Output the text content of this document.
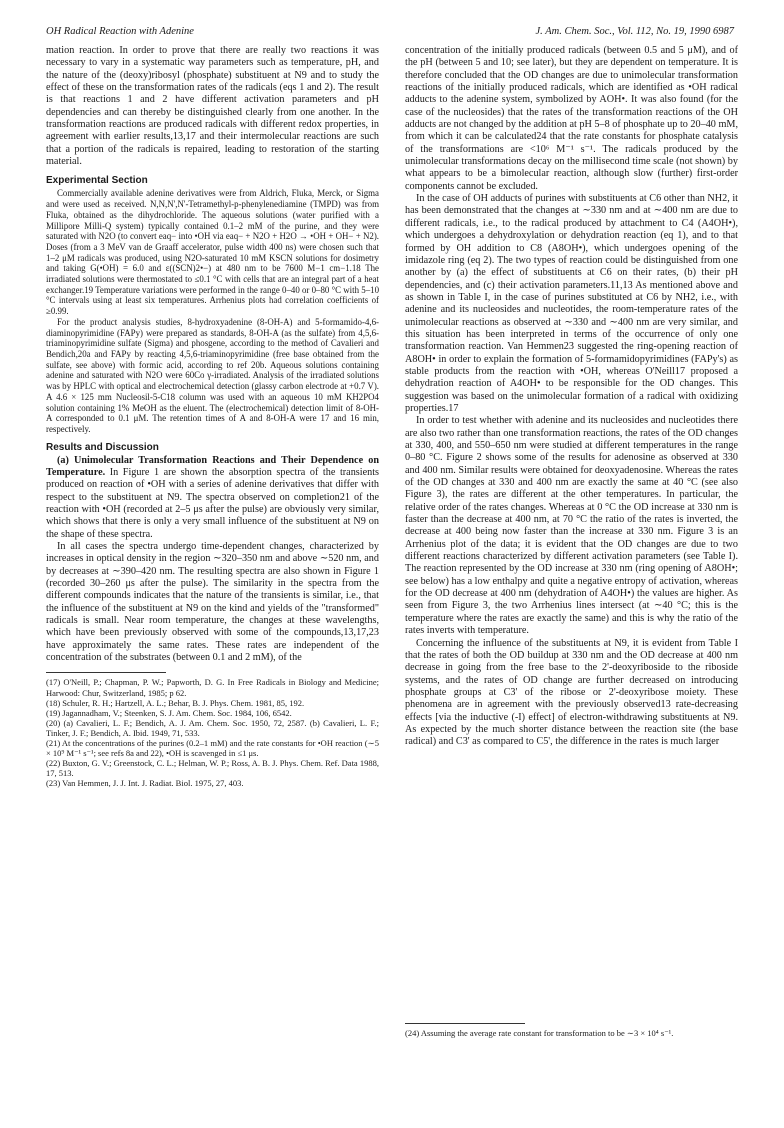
OH Radical Reaction with Adenine	J. Am. Chem. Soc., Vol. 112, No. 19, 1990 6987

mation reaction. In order to prove that there are really two reactions it was necessary to vary in a systematic way parameters such as temperature, pH, and the nature of the (deoxy)ribosyl (phosphate) substituent at N9 and to study the effect of these on the transformation rates of the radicals (eqs 1 and 2). The result is that reactions 1 and 2 have different activation parameters and pH dependencies and can thereby be distinguished clearly from one another. In the transformation reactions are produced radicals with different redox properties, in agreement with earlier results,13,17 and their intermolecular reactions are such that a portion of the radicals is repaired, leading to restoration of the starting material.

Experimental Section

Commercially available adenine derivatives were from Aldrich, Fluka, Merck, or Sigma and were used as received. N,N,N',N'-Tetramethyl-p-phenylenediamine (TMPD) was from Fluka, obtained as the dihydrochloride. The aqueous solutions (water purified with a Millipore Milli-Q system) typically contained 0.1–2 mM of the purine, and they were saturated with N2O (to convert eaq− into •OH via eaq− + N2O + H2O → •OH + OH− + N2). Doses (from a 3 MeV van de Graaff accelerator, pulse width 400 ns) were chosen such that 1–2 μM radicals was produced, using N2O-saturated 10 mM KSCN solutions for dosimetry and taking G(•OH) = 6.0 and ε((SCN)2•−) at 480 nm to be 7600 M−1 cm−1.18 The irradiated solutions were thermostated to ≤0.1 °C with cells that are an integral part of a heat exchanger.19 Temperature variations were performed in the range 0–40 or 0–80 °C with 5–10 °C intervals using at least six temperatures. Arrhenius plots had correlation coefficients of ≥0.99.

For the product analysis studies, 8-hydroxyadenine (8-OH-A) and 5-formamido-4,6-diaminopyrimidine (FAPy) were prepared as standards, 8-OH-A (as the sulfate) from 4,5,6-triaminopyrimidine sulfate (Sigma) and phosgene, according to the method of Cavalieri and Bendich,20a and FAPy by reacting 4,5,6-triaminopyrimidine (free base obtained from the sulfate, see above) with formic acid, according to ref 20b. Aqueous solutions containing adenine and saturated with N2O were 60Co γ-irradiated. Analysis of the irradiated solutions was by HPLC with optical and electrochemical detection (glassy carbon electrode at +0.7 V). A 4.6 × 125 mm Nucleosil-5-C18 column was used with an aqueous 10 mM KH2PO4 solution containing 1% MeOH as the eluent. The (electrochemical) detection limit of 8-OH-A corresponded to 0.1 μM. The retention times of A and 8-OH-A were 17 and 16 min, respectively.

Results and Discussion

(a) Unimolecular Transformation Reactions and Their Dependence on Temperature. In Figure 1 are shown the absorption spectra of the transients produced on reaction of •OH with a series of adenine derivatives that differ with respect to the substituent at N9. The spectra observed on completion21 of the reaction with •OH (recorded at 2–5 μs after the pulse) are obviously very similar, which shows that there is only a very small influence of the substituent at N9 on the shape of these spectra.

In all cases the spectra undergo time-dependent changes, characterized by increases in optical density in the region ∼320–350 nm and above ∼520 nm, and by decreases at ∼390–420 nm. The resulting spectra are also shown in Figure 1 (recorded 30–260 μs after the pulse). The similarity in the spectra from the different compounds indicates that the nature of the transients is similar, i.e., that the influence of the substituent at N9 on the kind and yields of the "transformed" radicals is small. Near room temperature, the changes at these wavelengths, which have been previously observed with some of the compounds,13,17,23 have approximately the same rates. These rates are independent of the concentration of the substrates (between 0.1 and 2 mM), of the

(17) O'Neill, P.; Chapman, P. W.; Papworth, D. G. In Free Radicals in Biology and Medicine; Harwood: Chur, Switzerland, 1985; p 62.

(18) Schuler, R. H.; Hartzell, A. L.; Behar, B. J. Phys. Chem. 1981, 85, 192.

(19) Jagannadham, V.; Steenken, S. J. Am. Chem. Soc. 1984, 106, 6542.

(20) (a) Cavalieri, L. F.; Bendich, A. J. Am. Chem. Soc. 1950, 72, 2587. (b) Cavalieri, L. F.; Tinker, J. F.; Bendich, A. Ibid. 1949, 71, 533.

(21) At the concentrations of the purines (0.2–1 mM) and the rate constants for •OH reaction (∼5 × 10⁹ M⁻¹ s⁻¹; see refs 8a and 22), •OH is scavenged in ≤1 μs.

(22) Buxton, G. V.; Greenstock, C. L.; Helman, W. P.; Ross, A. B. J. Phys. Chem. Ref. Data 1988, 17, 513.

(23) Van Hemmen, J. J. Int. J. Radiat. Biol. 1975, 27, 403.

concentration of the initially produced radicals (between 0.5 and 5 μM), and of the pH (between 5 and 10; see later), but they are dependent on temperature. It is therefore concluded that the OD changes are due to unimolecular transformation reactions of the initially produced radicals, which are identified as •OH radical adducts to the adenine system, symbolized by AOH•. It was also found (for the case of the nucleosides) that the rates of the transformation reactions of the OH adducts are not changed by the addition at pH 5–8 of phosphate up to 20–40 mM, from which it can be calculated24 that the rate constants for phosphate catalysis of the transformations are <10⁶ M⁻¹ s⁻¹. The radicals produced by the unimolecular transformations decay on the millisecond time scale (not shown) by what appears to be a bimolecular reaction, although slow (further) first-order components cannot be excluded.

In the case of OH adducts of purines with substituents at C6 other than NH2, it has been demonstrated that the changes at ∼330 nm and at ∼400 nm are due to different radicals, i.e., to the radical produced by attachment to C4 (A4OH•), which undergoes a dehydroxylation or dehydration reaction (eq 1), and to that formed by OH addition to C8 (A8OH•), which undergoes opening of the imidazole ring (eq 2). The two types of reaction could be distinguished from one another by (a) the effect of substituents at C6 on their rates, (b) their pH dependencies, and (c) their activation parameters.11,13 As mentioned above and as shown in Table I, in the case of purines substituted at C6 by NH2, i.e., with adenine and its nucleosides and nucleotides, the room-temperature rates of the unimolecular reactions as observed at ∼330 and ∼400 nm are very similar, and this situation has been interpreted in terms of the occurrence of only one transformation reaction. Van Hemmen23 suggested the ring-opening reaction of A8OH• in order to explain the formation of 5-formamidopyrimidines (FAPy's) as stable products from the reaction with •OH, whereas O'Neill17 proposed a dehydration reaction of A4OH• to be responsible for the OD changes. This suggestion was based on the unimolecular formation of a radical with oxidizing properties.17

In order to test whether with adenine and its nucleosides and nucleotides there are also two rather than one transformation reactions, the rates of the OD changes at 330, 400, and 550–650 nm were studied at different temperatures in the range 0–80 °C. Figure 2 shows some of the results for adenosine as observed at 330 and 400 nm. Similar results were obtained for deoxyadenosine. Whereas the rates of the OD changes at 330 and 400 nm are exactly the same at 40 °C (see also Figure 3), the rates are different at the other temperatures. In particular, the relative order of the rates changes. Whereas at 0 °C the OD increase at 330 nm is faster than the decrease at 400 nm, at 70 °C the ratio of the rates is inverted, the decrease at 400 being now faster than the increase at 330 nm. Figure 3 is an Arrhenius plot of the data; it is evident that the OD changes are due to two different reactions characterized by different activation parameters (see Table I). The reaction represented by the OD increase at 330 nm (ring opening of A8OH•; see below) has a low enthalpy and quite a negative entropy of activation, whereas for the OD decrease at 400 nm (dehydration of A4OH•) the values are higher. As seen from Figure 3, the two Arrhenius lines intersect (at ∼40 °C; this is the temperature where the rates are exactly the same) and this is why the ratio of the rates inverts with temperature.

Concerning the influence of the substituents at N9, it is evident from Table I that the rates of both the OD buildup at 330 nm and the OD decrease at 400 nm decrease in going from the free base to the 2'-deoxyriboside to the riboside systems, and the rates of OD change are further decreased on introducing phosphate groups at C3' of the ribose or 2'-deoxyribose moiety. These phenomena are in agreement with the previously observed13 rate-decreasing effects [via the inductive (-I) effect] of electron-withdrawing substituents at N9. As expected by the much shorter distance between the reaction site (the base radical) and C3' as compared to C5', the difference in the rates is much larger

(24) Assuming the average rate constant for transformation to be ∼3 × 10⁴ s⁻¹.
